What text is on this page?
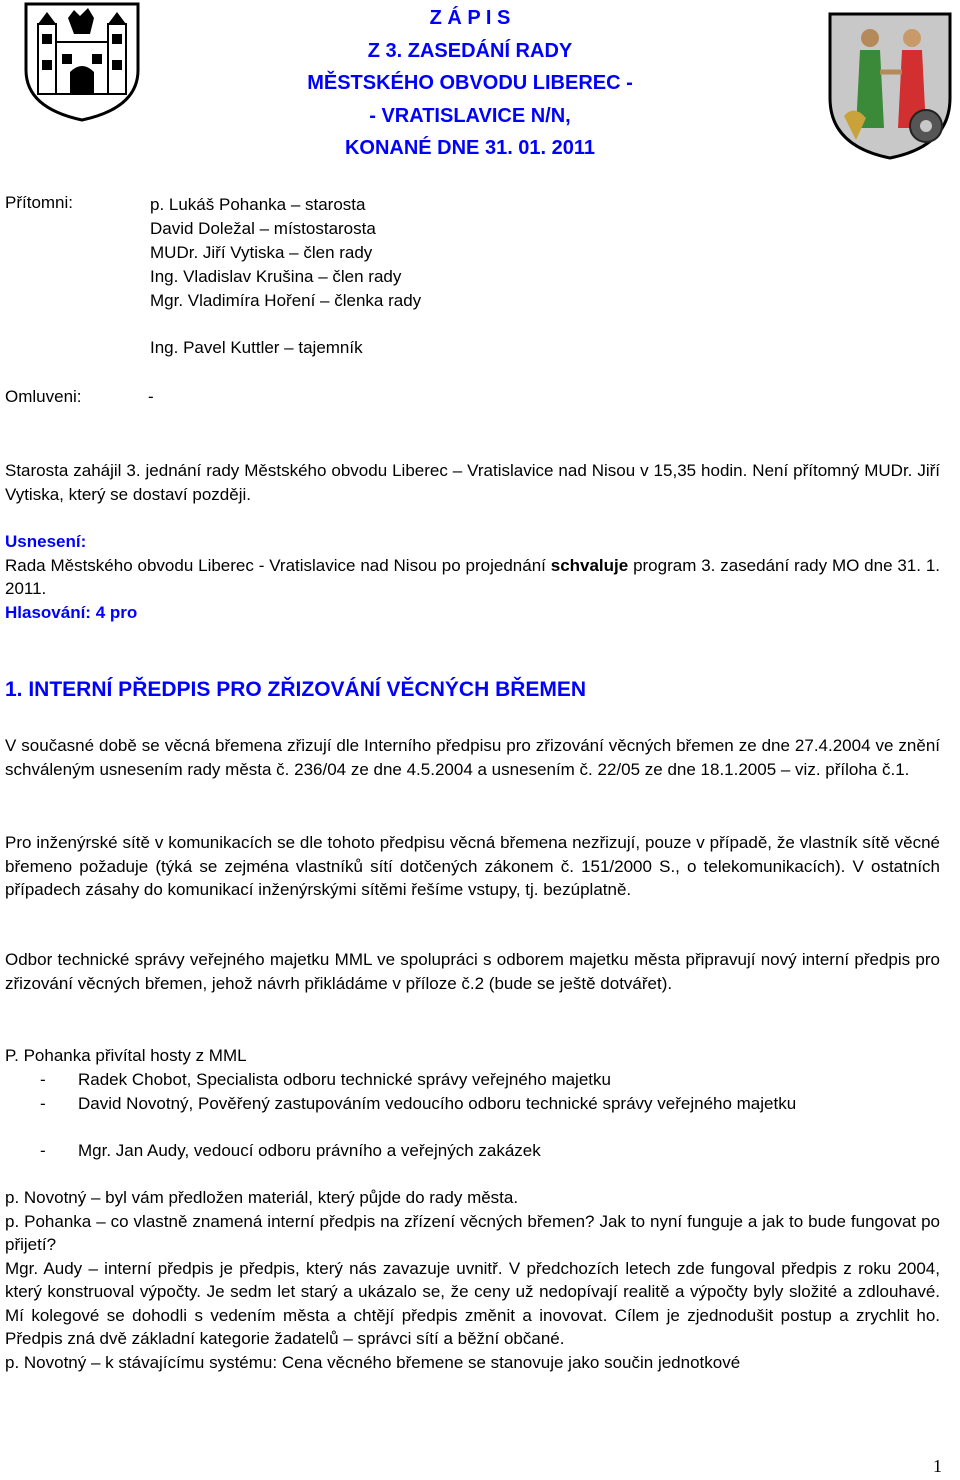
Z Á P I S
Z 3. ZASEDÁNÍ RADY
MĚSTSKÉHO OBVODU LIBEREC -
- VRATISLAVICE N/N,
KONANÉ DNE 31. 01. 2011
Přítomni:	p. Lukáš Pohanka – starosta
David Doležal – místostarosta
MUDr. Jiří Vytiska – člen rady
Ing. Vladislav Krušina – člen rady
Mgr. Vladimíra Hoření – členka rady
Ing. Pavel Kuttler – tajemník
Omluveni:	-

Starosta zahájil 3. jednání rady Městského obvodu Liberec – Vratislavice nad Nisou v 15,35 hodin. Není přítomný MUDr. Jiří Vytiska, který se dostaví později.

Usnesení:

Rada Městského obvodu Liberec - Vratislavice nad Nisou po projednání schvaluje program 3. zasedání rady MO dne 31. 1. 2011.

Hlasování: 4 pro
1. INTERNÍ PŘEDPIS PRO ZŘIZOVÁNÍ VĚCNÝCH BŘEMEN

V současné době se věcná břemena zřizují dle Interního předpisu pro zřizování věcných břemen ze dne 27.4.2004 ve znění schváleným usnesením rady města č. 236/04 ze dne 4.5.2004 a usnesením č. 22/05 ze dne 18.1.2005 – viz. příloha č.1.

Pro inženýrské sítě v komunikacích se dle tohoto předpisu věcná břemena nezřizují, pouze v případě, že vlastník sítě věcné břemeno požaduje (týká se zejména vlastníků sítí dotčených zákonem č. 151/2000 S., o telekomunikacích). V ostatních případech zásahy do komunikací inženýrskými sítěmi řešíme vstupy, tj. bezúplatně.

Odbor technické správy veřejného majetku MML ve spolupráci s odborem majetku města připravují nový interní předpis pro zřizování věcných břemen, jehož návrh přikládáme v příloze č.2 (bude se ještě dotvářet).

P. Pohanka přivítal hosty z MML
- Radek Chobot, Specialista odboru technické správy veřejného majetku
- David Novotný, Pověřený zastupováním vedoucího odboru technické správy veřejného majetku
- Mgr. Jan Audy, vedoucí odboru právního a veřejných zakázek

p. Novotný – byl vám předložen materiál, který půjde do rady města.

p. Pohanka – co vlastně znamená interní předpis na zřízení věcných břemen? Jak to nyní funguje a jak to bude fungovat po přijetí?

Mgr. Audy – interní předpis je předpis, který nás zavazuje uvnitř. V předchozích letech zde fungoval předpis z roku 2004, který konstruoval výpočty. Je sedm let starý a ukázalo se, že ceny už nedopívají realitě a výpočty byly složité a zdlouhavé. Mí kolegové se dohodli s vedením města a chtějí předpis změnit a inovovat. Cílem je zjednodušit postup a zrychlit ho. Předpis zná dvě základní kategorie žadatelů – správci sítí a běžní občané.

p. Novotný – k stávajícímu systému: Cena věcného břemene se stanovuje jako součin jednotkové

1
